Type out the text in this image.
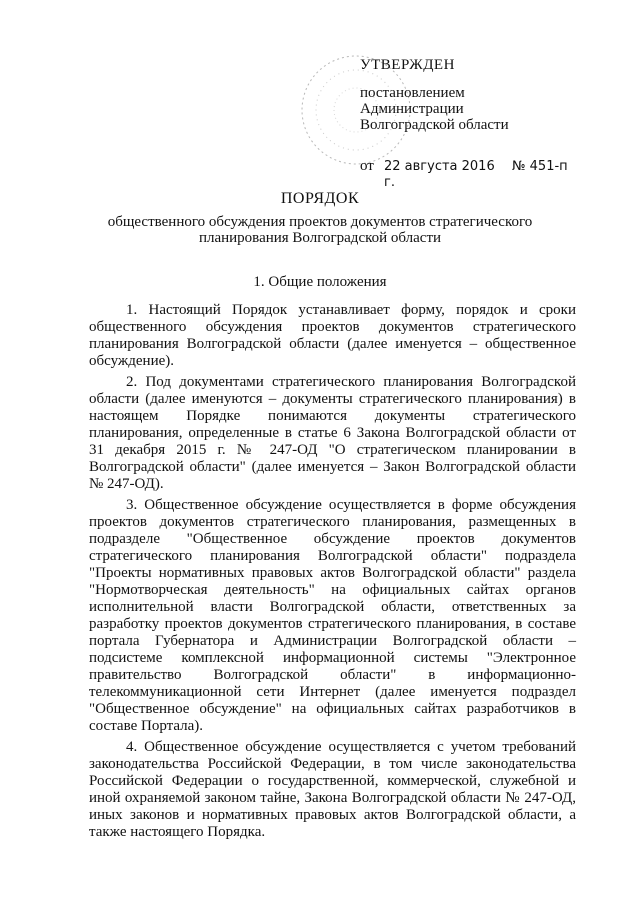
УТВЕРЖДЕН

постановлением

Администрации

Волгоградской области

от 22 августа 2016 г.
№ 451-п
ПОРЯДОК
общественного обсуждения проектов документов стратегического планирования Волгоградской области
1. Общие положения

1. Настоящий Порядок устанавливает форму, порядок и сроки общественного обсуждения проектов документов стратегического планирования Волгоградской области (далее именуется – общественное обсуждение).

2. Под документами стратегического планирования Волгоградской области (далее именуются – документы стратегического планирования) в настоящем Порядке понимаются документы стратегического планирования, определенные в статье 6 Закона Волгоградской области от 31 декабря 2015 г. № 247-ОД "О стратегическом планировании в Волгоградской области" (далее именуется – Закон Волгоградской области № 247-ОД).

3. Общественное обсуждение осуществляется в форме обсуждения проектов документов стратегического планирования, размещенных в подразделе "Общественное обсуждение проектов документов стратегического планирования Волгоградской области" подраздела "Проекты нормативных правовых актов Волгоградской области" раздела "Нормотворческая деятельность" на официальных сайтах органов исполнительной власти Волгоградской области, ответственных за разработку проектов документов стратегического планирования, в составе портала Губернатора и Администрации Волгоградской области – подсистеме комплексной информационной системы "Электронное правительство Волгоградской области" в информационно-телекоммуникационной сети Интернет (далее именуется подраздел "Общественное обсуждение" на официальных сайтах разработчиков в составе Портала).

4. Общественное обсуждение осуществляется с учетом требований законодательства Российской Федерации, в том числе законодательства Российской Федерации о государственной, коммерческой, служебной и иной охраняемой законом тайне, Закона Волгоградской области № 247-ОД, иных законов и нормативных правовых актов Волгоградской области, а также настоящего Порядка.
